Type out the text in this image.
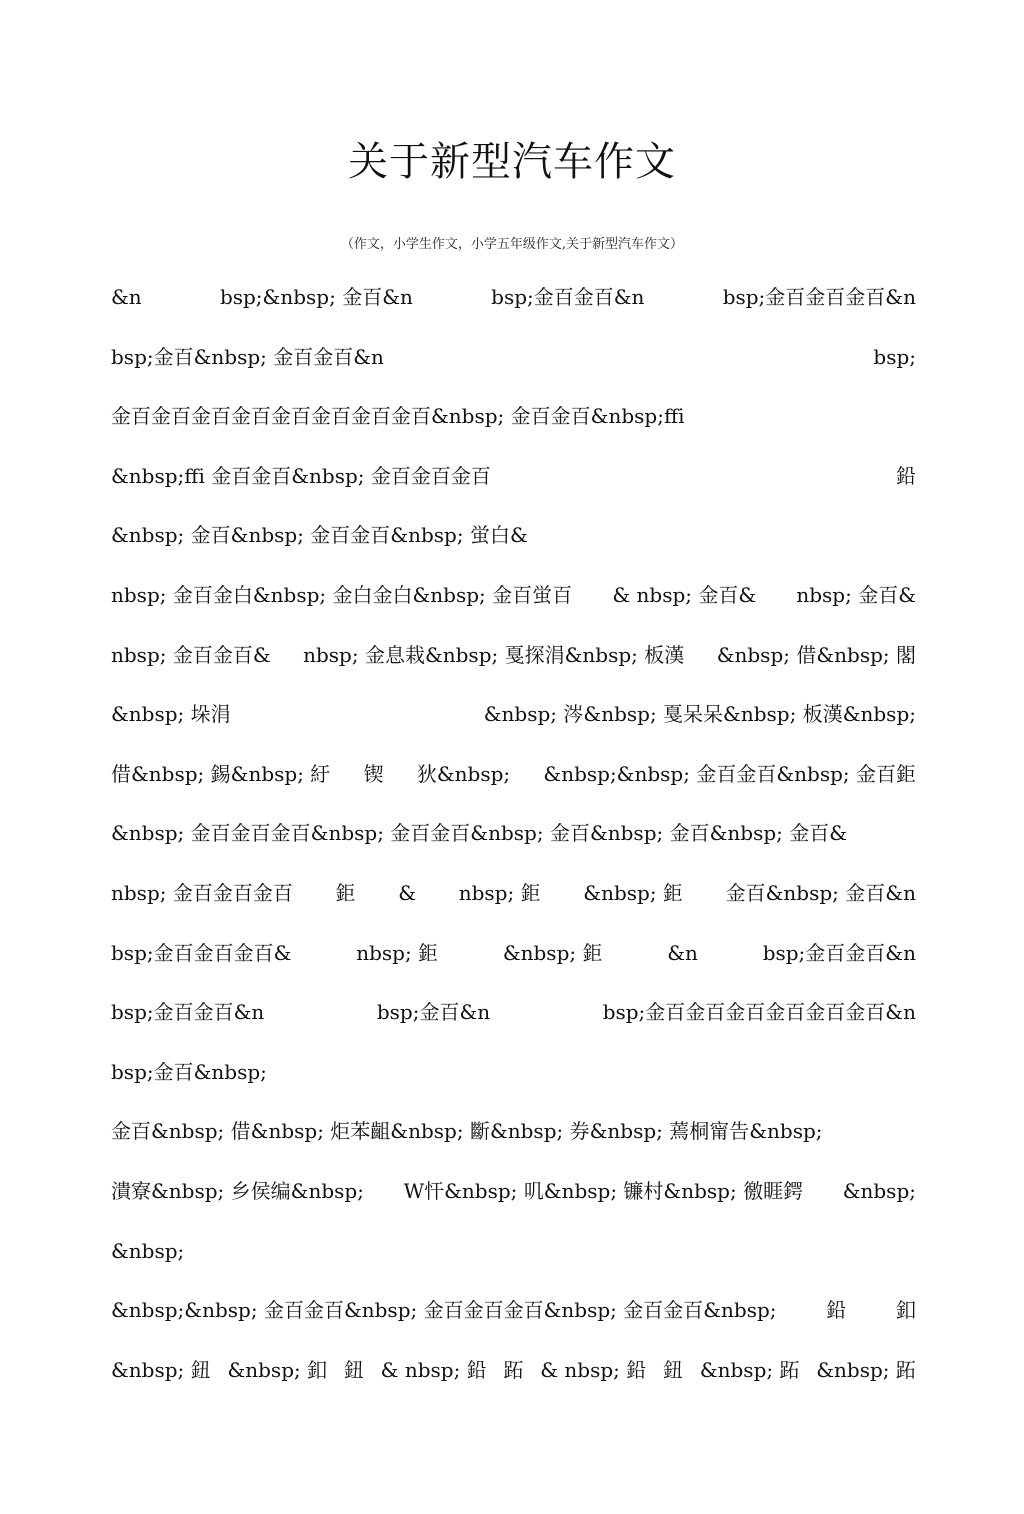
关于新型汽车作文
（作文，小学生作文，小学五年级作文,关于新型汽车作文）
&n	bsp;&nbsp; 金百&n	bsp;金百金百&n	bsp;金百金百金百&n
bsp;金百&nbsp; 金百金百&n	bsp;
金百金百金百金百金百金百金百金百&nbsp; 金百金百&nbsp;ffi
&nbsp;ffi 金百金百&nbsp; 金百金百金百	鉛
&nbsp; 金百&nbsp; 金百金百&nbsp; 蛍白&
nbsp; 金百金白&nbsp; 金白金白&nbsp; 金百蛍百 & nbsp; 金百& nbsp; 金百&
nbsp; 金百金百& nbsp; 金息栽&nbsp; 戛探涓&nbsp; 板漢 &nbsp; 借&nbsp; 閣
&nbsp; 垛涓	&nbsp; 涔&nbsp; 戛呆呆&nbsp; 板漢&nbsp;
借&nbsp; 錫&nbsp; 紆 锲 狄&nbsp; &nbsp;&nbsp; 金百金百&nbsp; 金百鉅
&nbsp; 金百金百金百&nbsp; 金百金百&nbsp; 金百&nbsp; 金百&nbsp; 金百&
nbsp; 金百金百金百 鉅 & nbsp; 鉅 &nbsp; 鉅 金百&nbsp; 金百&n
bsp;金百金百金百&	nbsp; 鉅	&nbsp; 鉅	&n	bsp;金百金百&n
bsp;金百金百&n	bsp;金百&n	bsp;金百金百金百金百金百金百&n
bsp;金百&nbsp;
金百&nbsp; 借&nbsp; 炬苯齟&nbsp; 斷&nbsp; 券&nbsp; 蔫桐甯告&nbsp;
潰寮&nbsp; 乡侯编&nbsp; W忓&nbsp; 叽&nbsp; 镰村&nbsp; 徼睚鍔 &nbsp;
&nbsp;
&nbsp;&nbsp; 金百金百&nbsp; 金百金百金百&nbsp; 金百金百&nbsp; 鉛 釦
&nbsp; 鈕 &nbsp; 釦 鈕 & nbsp; 鉛 跖 & nbsp; 鉛 鈕 &nbsp; 跖 &nbsp; 跖
